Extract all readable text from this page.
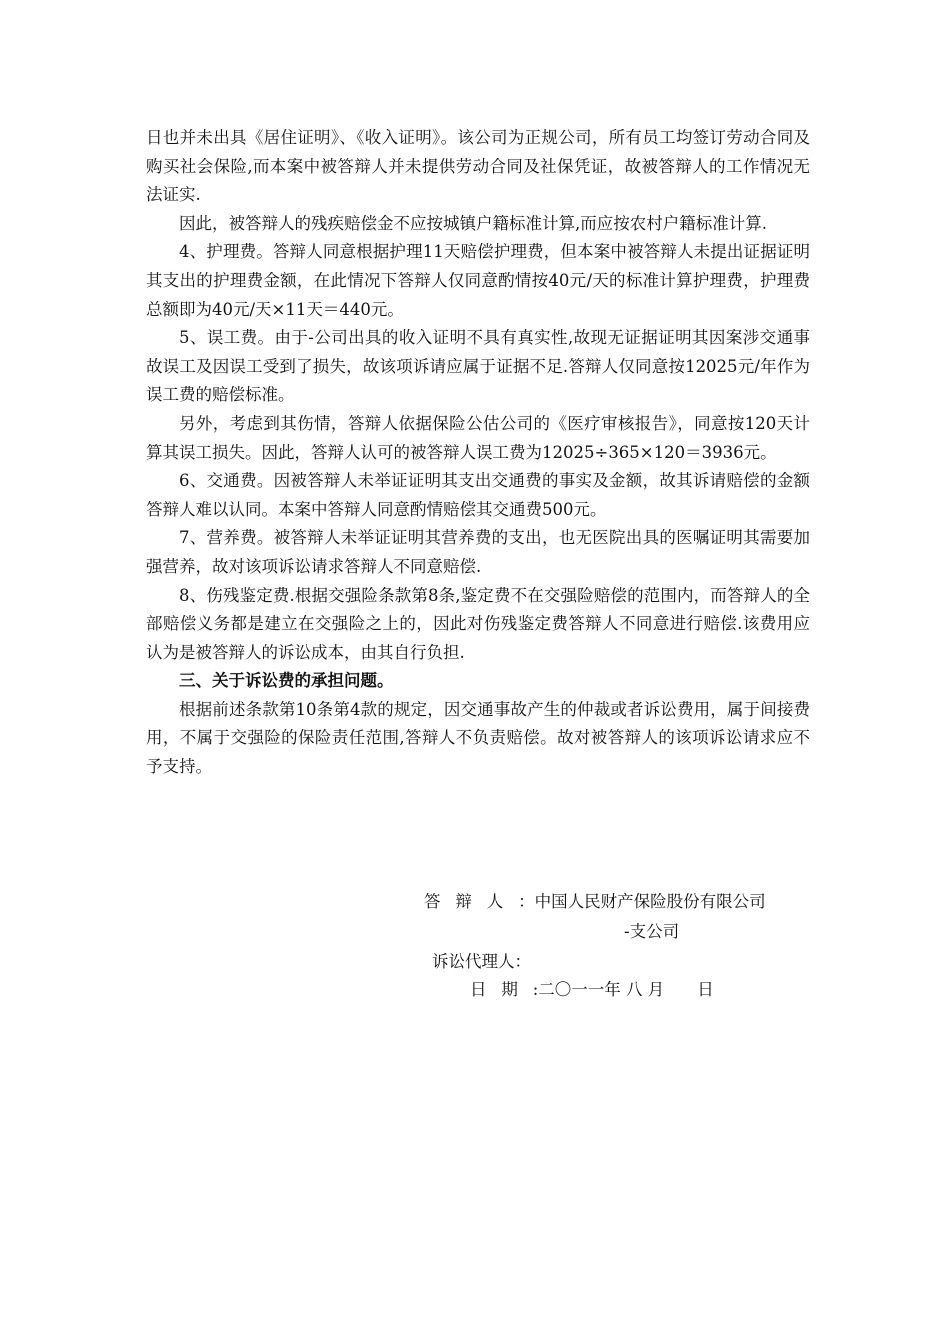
日也并未出具《居住证明》、《收入证明》。该公司为正规公司，所有员工均签订劳动合同及购买社会保险,而本案中被答辩人并未提供劳动合同及社保凭证，故被答辩人的工作情况无法证实.

因此，被答辩人的残疾赔偿金不应按城镇户籍标准计算,而应按农村户籍标准计算.

4、护理费。答辩人同意根据护理11天赔偿护理费，但本案中被答辩人未提出证据证明其支出的护理费金额，在此情况下答辩人仅同意酌情按40元/天的标准计算护理费，护理费总额即为40元/天×11天＝440元。

5、误工费。由于-公司出具的收入证明不具有真实性,故现无证据证明其因案涉交通事故误工及因误工受到了损失，故该项诉请应属于证据不足.答辩人仅同意按12025元/年作为误工费的赔偿标准。

另外，考虑到其伤情，答辩人依据保险公估公司的《医疗审核报告》，同意按120天计算其误工损失。因此，答辩人认可的被答辩人误工费为12025÷365×120＝3936元。

6、交通费。因被答辩人未举证证明其支出交通费的事实及金额，故其诉请赔偿的金额答辩人难以认同。本案中答辩人同意酌情赔偿其交通费500元。

7、营养费。被答辩人未举证证明其营养费的支出，也无医院出具的医嘱证明其需要加强营养，故对该项诉讼请求答辩人不同意赔偿.

8、伤残鉴定费.根据交强险条款第8条,鉴定费不在交强险赔偿的范围内，而答辩人的全部赔偿义务都是建立在交强险之上的，因此对伤残鉴定费答辩人不同意进行赔偿.该费用应认为是被答辩人的诉讼成本，由其自行负担.

三、关于诉讼费的承担问题。

根据前述条款第10条第4款的规定，因交通事故产生的仲裁或者诉讼费用，属于间接费用，不属于交强险的保险责任范围,答辩人不负责赔偿。故对被答辩人的该项诉讼请求应不予支持。

答辩人：中国人民财产保险股份有限公司
-支公司
诉讼代理人：
日期:二〇一一年 八 月　　日
